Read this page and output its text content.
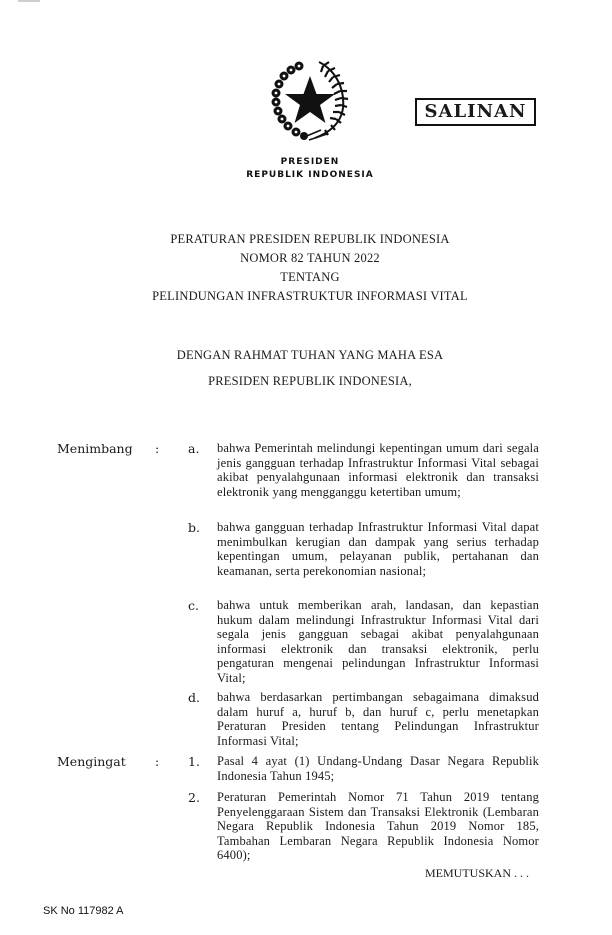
SALINAN
PRESIDEN
REPUBLIK INDONESIA
PERATURAN PRESIDEN REPUBLIK INDONESIA
NOMOR 82 TAHUN 2022
TENTANG
PELINDUNGAN INFRASTRUKTUR INFORMASI VITAL
DENGAN RAHMAT TUHAN YANG MAHA ESA
PRESIDEN REPUBLIK INDONESIA,
Menimbang : a. bahwa Pemerintah melindungi kepentingan umum dari segala jenis gangguan terhadap Infrastruktur Informasi Vital sebagai akibat penyalahgunaan informasi elektronik dan transaksi elektronik yang mengganggu ketertiban umum;
b. bahwa gangguan terhadap Infrastruktur Informasi Vital dapat menimbulkan kerugian dan dampak yang serius terhadap kepentingan umum, pelayanan publik, pertahanan dan keamanan, serta perekonomian nasional;
c. bahwa untuk memberikan arah, landasan, dan kepastian hukum dalam melindungi Infrastruktur Informasi Vital dari segala jenis gangguan sebagai akibat penyalahgunaan informasi elektronik dan transaksi elektronik, perlu pengaturan mengenai pelindungan Infrastruktur Informasi Vital;
d. bahwa berdasarkan pertimbangan sebagaimana dimaksud dalam huruf a, huruf b, dan huruf c, perlu menetapkan Peraturan Presiden tentang Pelindungan Infrastruktur Informasi Vital;
Mengingat : 1. Pasal 4 ayat (1) Undang-Undang Dasar Negara Republik Indonesia Tahun 1945;
2. Peraturan Pemerintah Nomor 71 Tahun 2019 tentang Penyelenggaraan Sistem dan Transaksi Elektronik (Lembaran Negara Republik Indonesia Tahun 2019 Nomor 185, Tambahan Lembaran Negara Republik Indonesia Nomor 6400);
MEMUTUSKAN . . .
SK No 117982 A
